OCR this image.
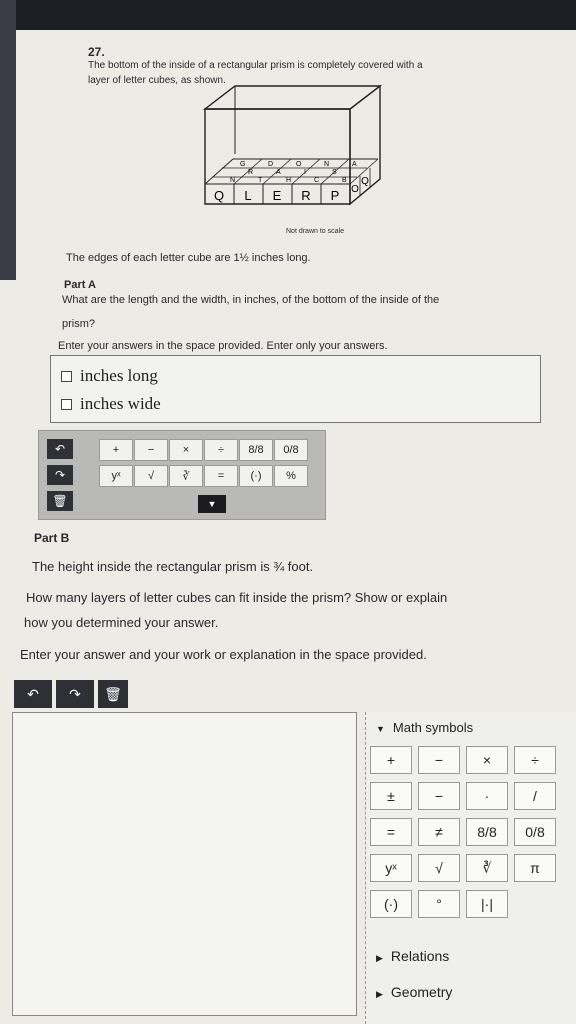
27.
The bottom of the inside of a rectangular prism is completely covered with a
layer of letter cubes, as shown.
Q L E R P O
Q
N	T	H	C	B
R	A	I	S
G	D	O	N	A
Not drawn to scale
The edges of each letter cube are 1½ inches long.
Part A
What are the length and the width, in inches, of the bottom of the inside of the
prism?
Enter your answers in the space provided. Enter only your answers.
inches long
inches wide
↶
↷
🗑
+	−	×	÷	8/8	0/8
yˣ	√	∛	=	(·)	%
▼
Part B
The height inside the rectangular prism is ¾ foot.
How many layers of letter cubes can fit inside the prism? Show or explain
how you determined your answer.
Enter your answer and your work or explanation in the space provided.
↶ ↷ 🗑
▼ Math symbols
+	−	×	÷
±	−	·	/
=	≠	8/8	0/8
yˣ	√	∛	π
(·)	°	|·|
▶ Relations
▶ Geometry
